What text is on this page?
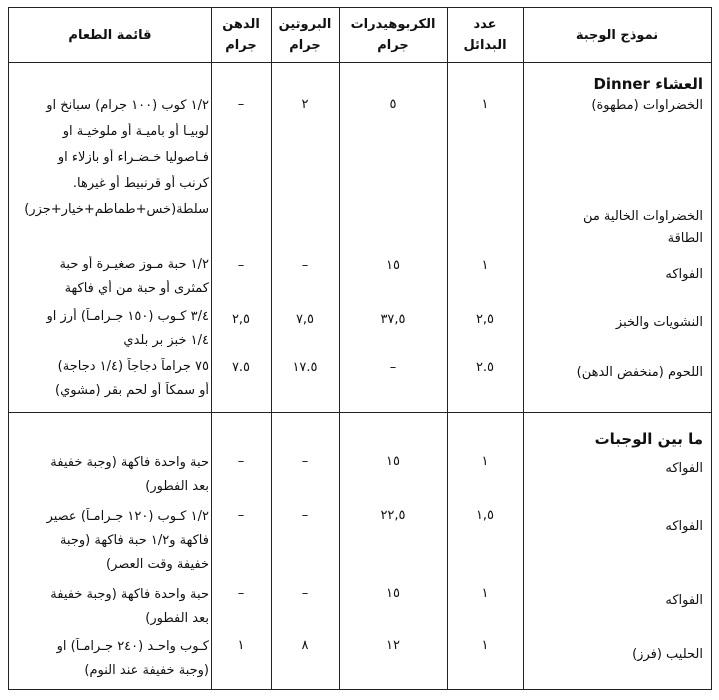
نموذج الوجبة
عدد
البدائل
الكربوهيدرات
جرام
البروتين
جرام
الدهن
جرام
قائمة الطعام
العشاء Dinner
الخضراوات (مطهوة)
١
٥
٢
–
١/٢ كوب (١٠٠ جرام) سبانخ او
لوبيـا أو باميـة أو ملوخيـة او
فـاصوليا خـضـراء أو بازلاء او
كرنب أو قرنبيط أو غيرها.
سلطة(خس+طماطم+خيار+جزر)	الخضراوات الخالية من
الطاقة
الفواكه
١
١٥
–
–
١/٢ حبة مـوز صغيـرة أو حبة
كمثرى أو حبة من أي فاكهة
النشويات والخبز
٢,٥
٣٧,٥
٧,٥
٢,٥
٣/٤ كـوب (١٥٠ جـرامـاً) أرز او
١/٤ خبز بر بلدي
اللحوم (منخفض الدهن)
٢.٥
–
١٧.٥
٧.٥
٧٥ جراماً دجاجاً (١/٤ دجاجة)
أو سمكاً أو لحم بقر (مشوي)
ما بين الوجبات
الفواكه
١
١٥
–
–
حبة واحدة فاكهة (وجبة خفيفة
بعد الفطور)
الفواكه
١,٥
٢٢,٥
–
–
١/٢ كـوب (١٢٠ جـرامـاً) عصير
فاكهة و١/٢ حبة فاكهة (وجبة
خفيفة وقت العصر)
الفواكه
١
١٥
–
–
حبة واحدة فاكهة (وجبة خفيفة
بعد الفطور)
الحليب (فرز)
١
١٢
٨
١
كـوب واحـد (٢٤٠ جـرامـاً) او
(وجبة خفيفة عند النوم)
